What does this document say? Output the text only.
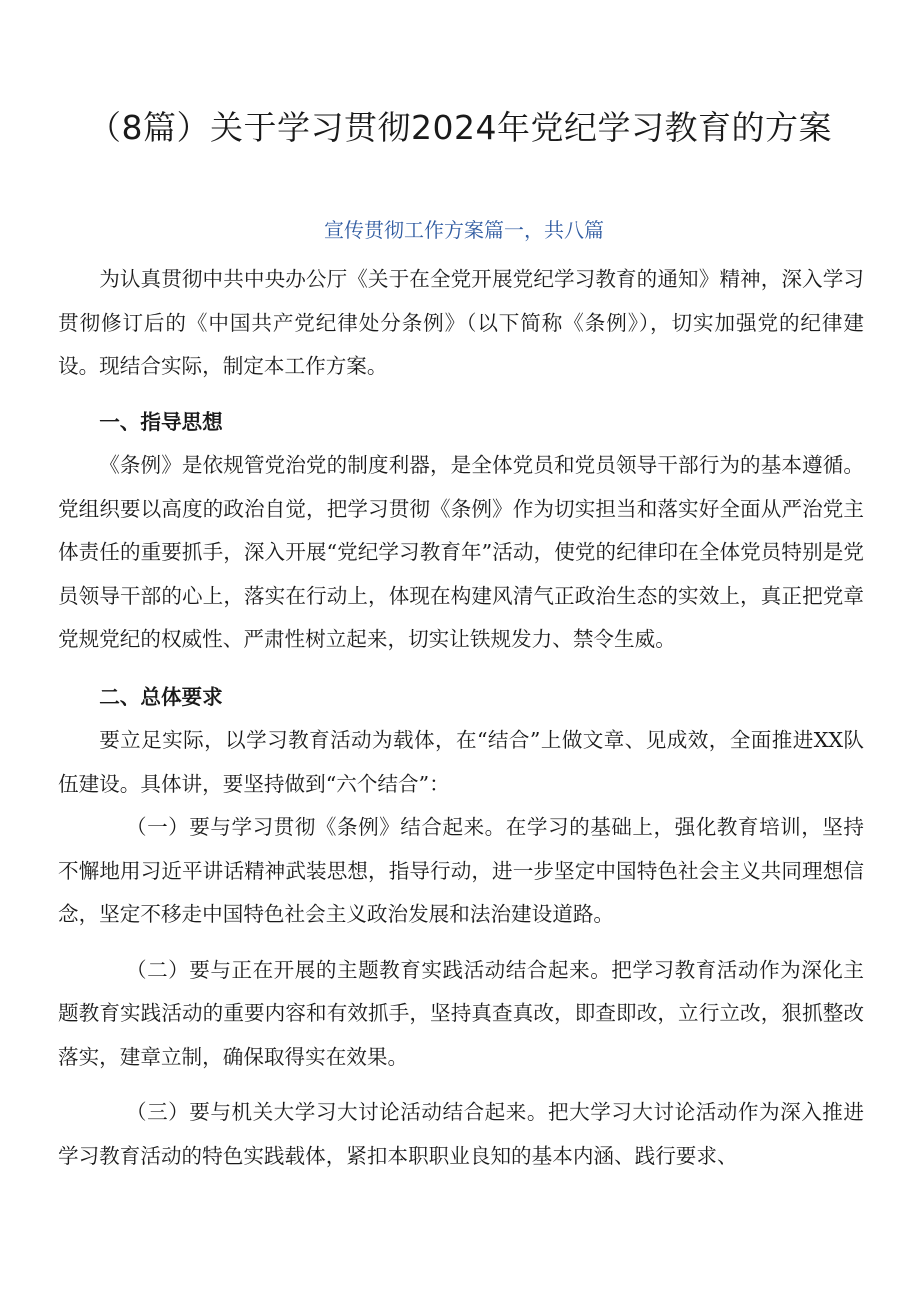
（8篇）关于学习贯彻2024年党纪学习教育的方案
宣传贯彻工作方案篇一，共八篇

为认真贯彻中共中央办公厅《关于在全党开展党纪学习教育的通知》精神，深入学习贯彻修订后的《中国共产党纪律处分条例》（以下简称《条例》），切实加强党的纪律建设。现结合实际，制定本工作方案。

一、指导思想

《条例》是依规管党治党的制度利器，是全体党员和党员领导干部行为的基本遵循。党组织要以高度的政治自觉，把学习贯彻《条例》作为切实担当和落实好全面从严治党主体责任的重要抓手，深入开展“党纪学习教育年”活动，使党的纪律印在全体党员特别是党员领导干部的心上，落实在行动上，体现在构建风清气正政治生态的实效上，真正把党章党规党纪的权威性、严肃性树立起来，切实让铁规发力、禁令生威。

二、总体要求

要立足实际，以学习教育活动为载体，在“结合”上做文章、见成效，全面推进XX队伍建设。具体讲，要坚持做到“六个结合”：

（一）要与学习贯彻《条例》结合起来。在学习的基础上，强化教育培训，坚持不懈地用习近平讲话精神武装思想，指导行动，进一步坚定中国特色社会主义共同理想信念，坚定不移走中国特色社会主义政治发展和法治建设道路。

（二）要与正在开展的主题教育实践活动结合起来。把学习教育活动作为深化主题教育实践活动的重要内容和有效抓手，坚持真查真改，即查即改，立行立改，狠抓整改落实，建章立制，确保取得实在效果。

（三）要与机关大学习大讨论活动结合起来。把大学习大讨论活动作为深入推进学习教育活动的特色实践载体，紧扣本职职业良知的基本内涵、践行要求、
